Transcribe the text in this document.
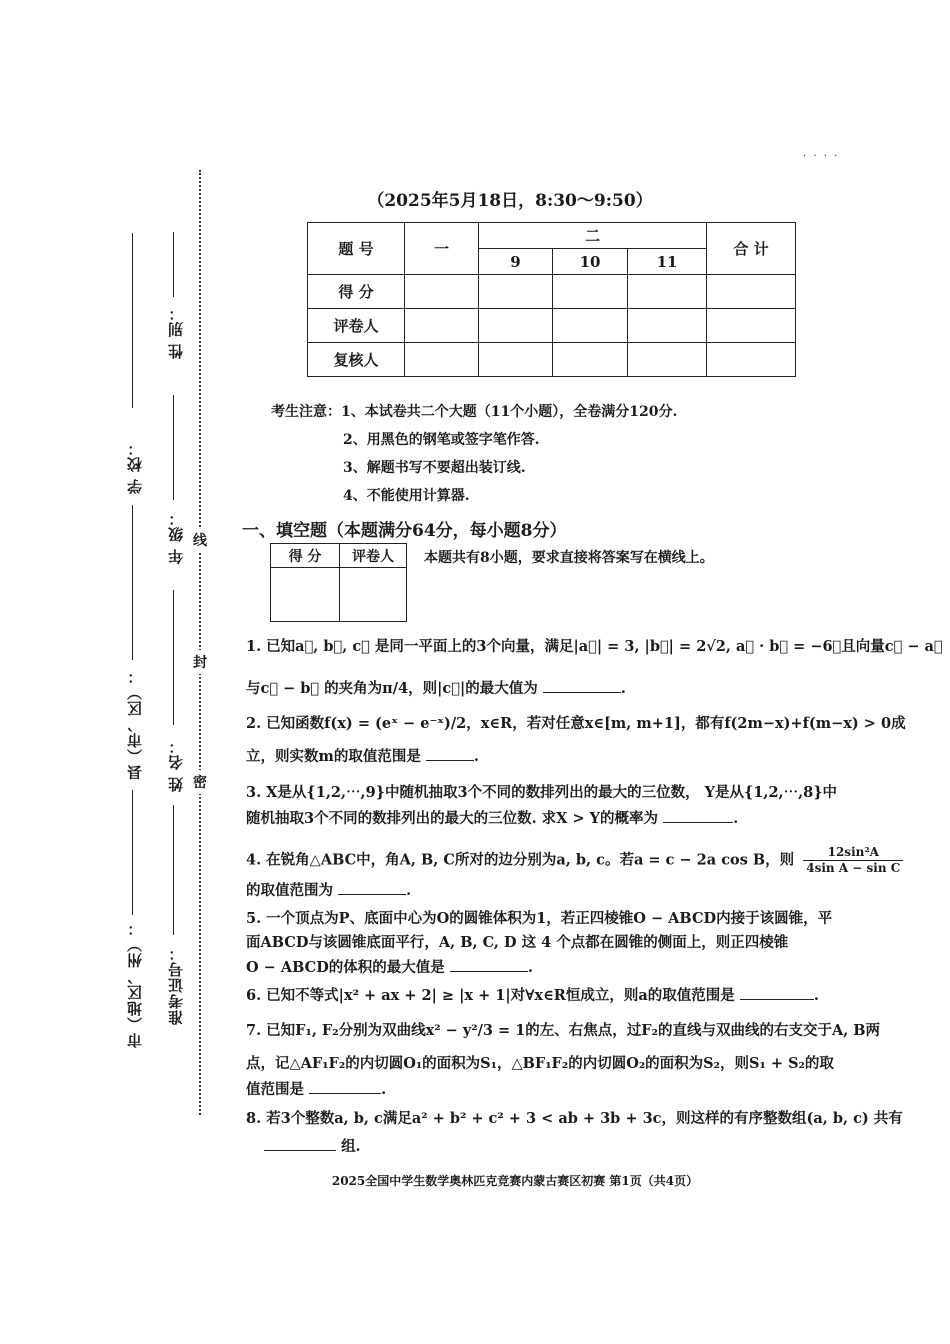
学 校：
县（市、区）：
市（地区、州）：
性 别：
年 级：
姓 名：
准考证号：
线
封
密
. . . .
（2025年5月18日，8:30～9:50）
题 号	一	二			合 计
		9	10	11	
得 分					
评卷人					
复核人					
考生注意：1、本试卷共二个大题（11个小题），全卷满分120分.
2、用黑色的钢笔或签字笔作答.
3、解题书写不要超出装订线.
4、不能使用计算器.
一、填空题（本题满分64分，每小题8分）
得 分	评卷人
	本题共有8小题，要求直接将答案写在横线上。
1. 已知a⃗, b⃗, c⃗ 是同一平面上的3个向量，满足|a⃗| = 3, |b⃗| = 2√2, a⃗ · b⃗ = −6，且向量c⃗ − a⃗
与c⃗ − b⃗ 的夹角为π/4，则|c⃗|的最大值为	.
2. 已知函数f(x) = (eˣ − e⁻ˣ)/2，x∈R，若对任意x∈[m, m+1]，都有f(2m−x)+f(m−x) > 0成
立，则实数m的取值范围是	.
3. X是从{1,2,⋯,9}中随机抽取3个不同的数排列出的最大的三位数， Y是从{1,2,⋯,8}中
随机抽取3个不同的数排列出的最大的三位数. 求X > Y的概率为	.
4. 在锐角△ABC中，角A, B, C所对的边分别为a, b, c。若a = c − 2a cos B，则 $\frac{\text{12sin²A}}{\text{4sin A − sin C}}$
的取值范围为	.
5. 一个顶点为P、底面中心为O的圆锥体积为1，若正四棱锥O − ABCD内接于该圆锥，平
面ABCD与该圆锥底面平行，A, B, C, D 这 4 个点都在圆锥的侧面上，则正四棱锥
O − ABCD的体积的最大值是	.
6. 已知不等式|x² + ax + 2| ≥ |x + 1|对∀x∈R恒成立，则a的取值范围是	.
7. 已知F₁, F₂分别为双曲线x² − y²/3 = 1的左、右焦点，过F₂的直线与双曲线的右支交于A, B两
点，记△AF₁F₂的内切圆O₁的面积为S₁，△BF₁F₂的内切圆O₂的面积为S₂，则S₁ + S₂的取
值范围是	.
8. 若3个整数a, b, c满足a² + b² + c² + 3 < ab + 3b + 3c，则这样的有序整数组(a, b, c) 共有
组.
2025全国中学生数学奥林匹克竞赛内蒙古赛区初赛 第1页（共4页）
